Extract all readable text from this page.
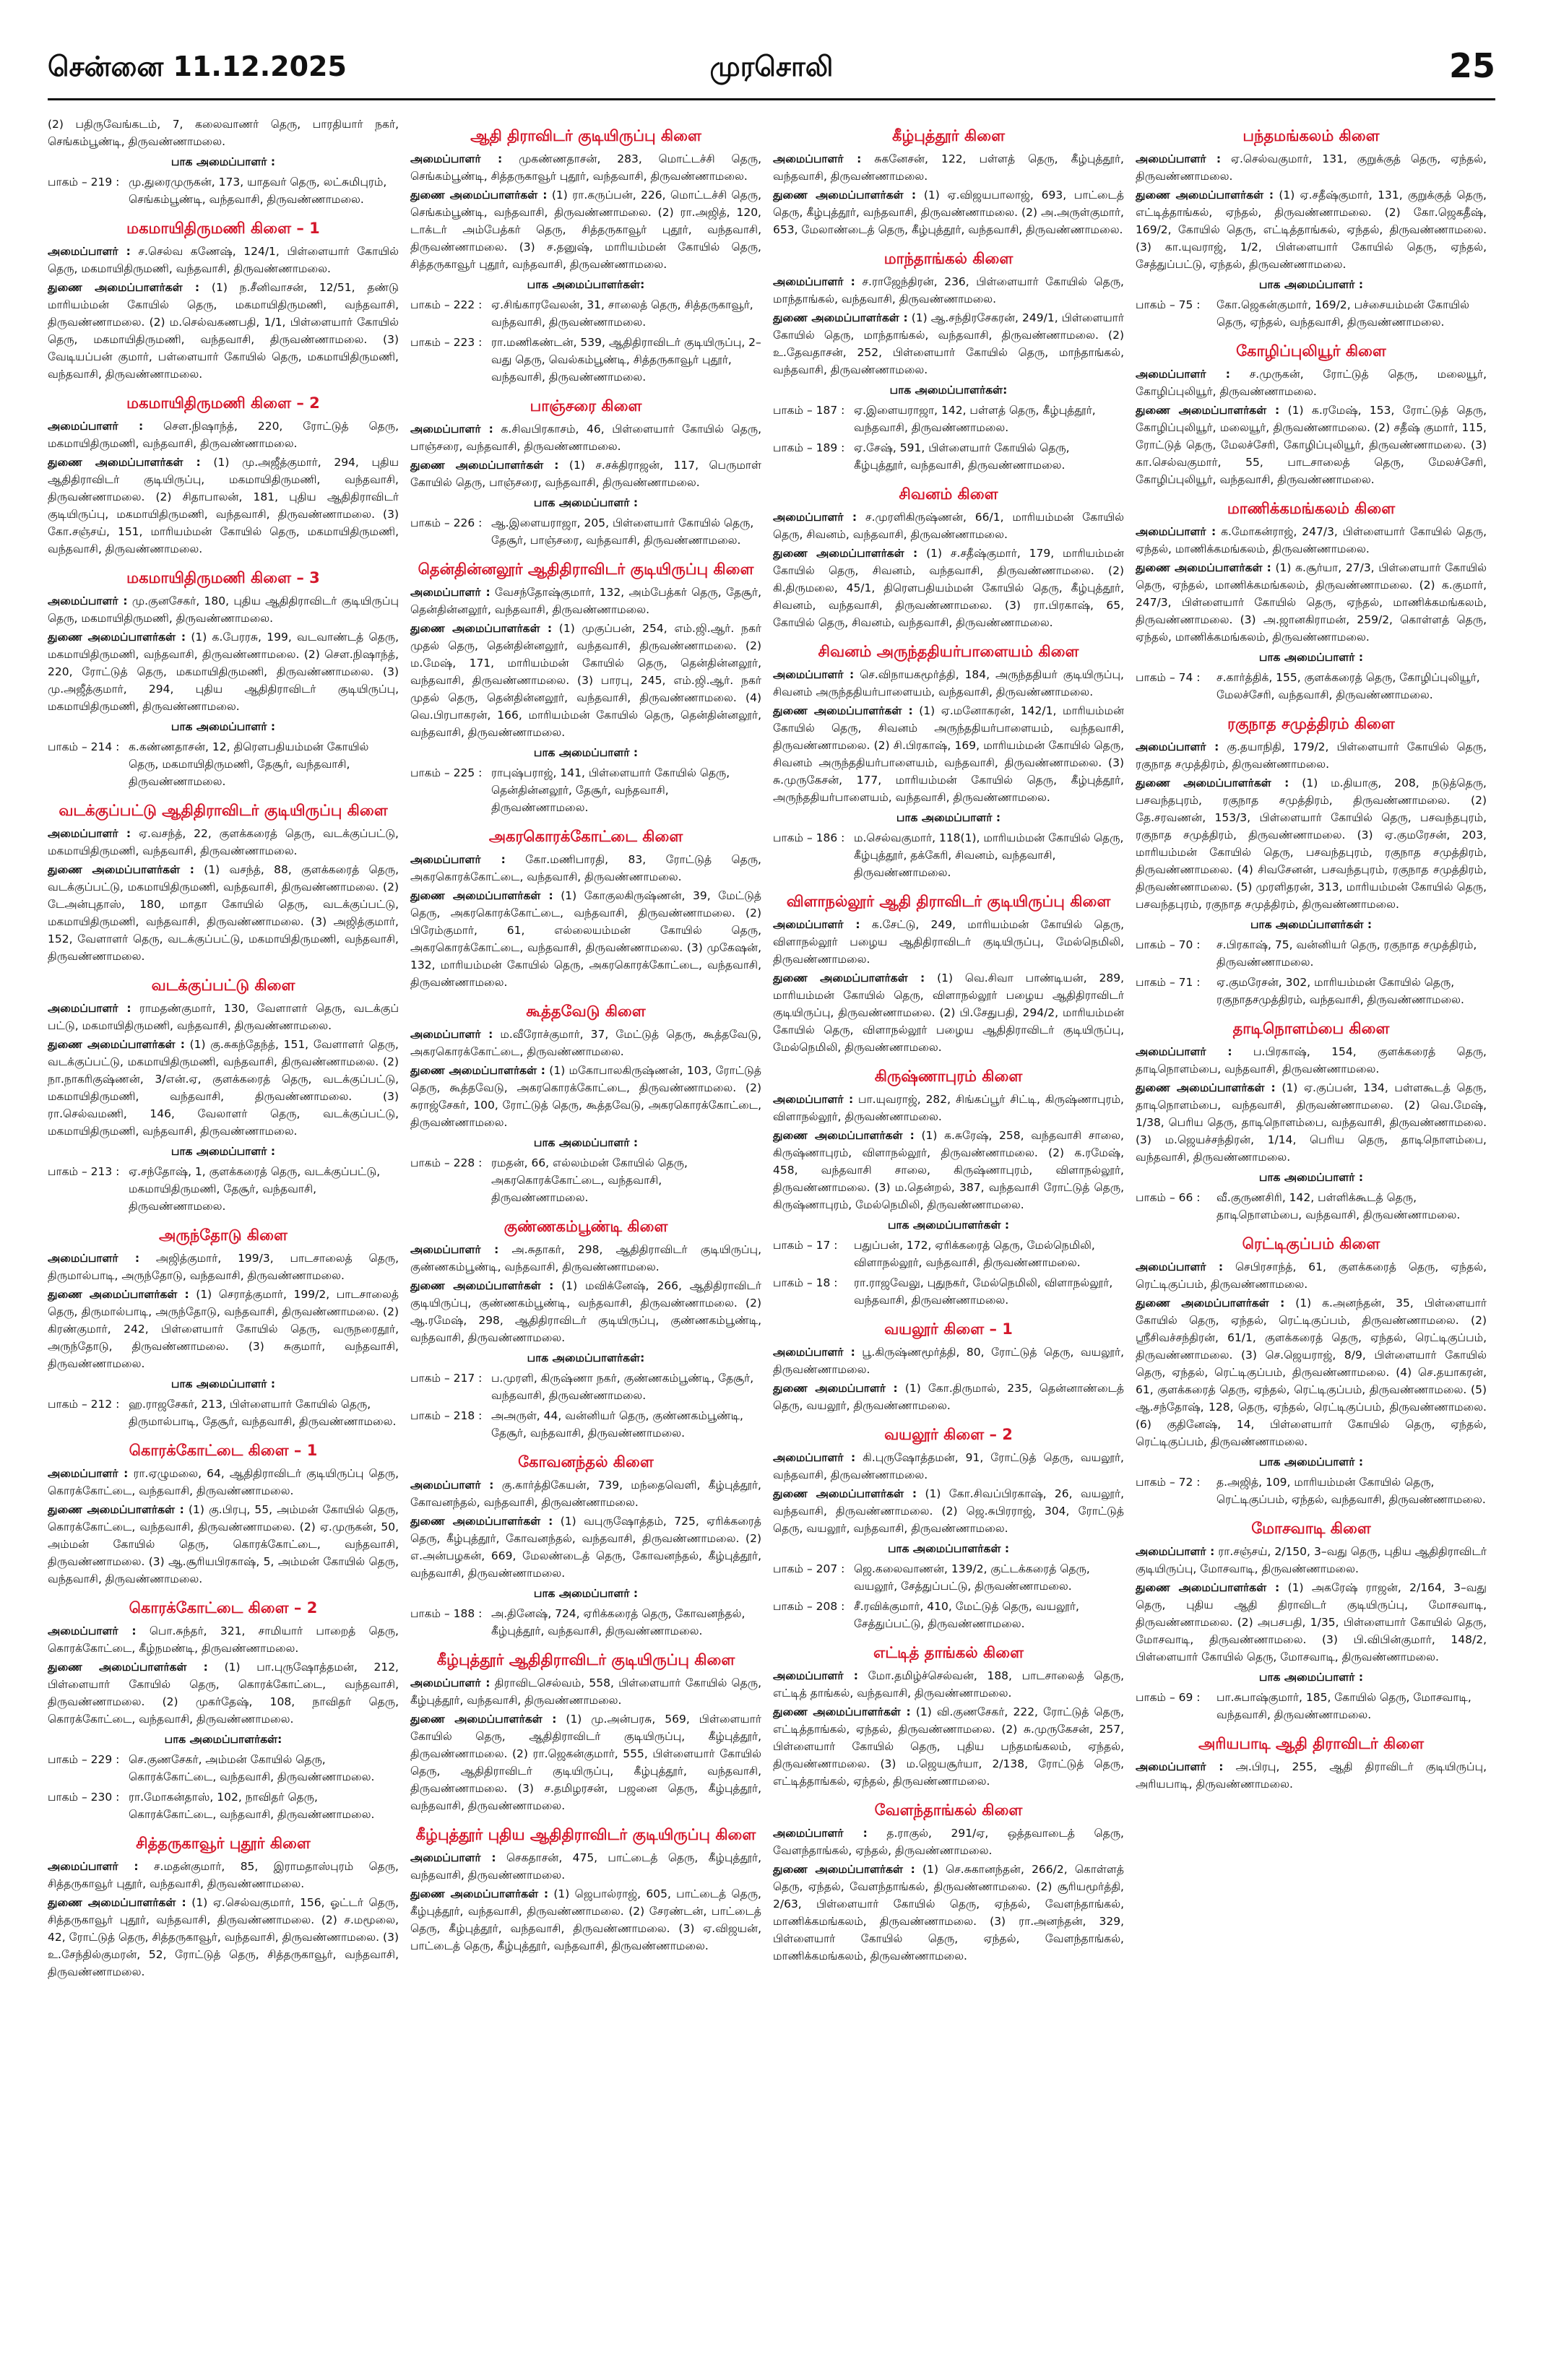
சென்னை 11.12.2025	முரசொலி	25
(2) பதிருவேங்கடம், 7, கலைவாணர் தெரு, பாரதியார் நகர், செங்கம்பூண்டி, திருவண்ணாமலை.
பாக அமைப்பாளர் :
பாகம் – 219 : மு.துரைமுருகன், 173, யாதவர் தெரு, லட்சுமிபுரம், செங்கம்பூண்டி, வந்தவாசி, திருவண்ணாமலை.
மகமாயிதிருமணி கிளை – 1
அமைப்பாளர் : ச.செல்வ கணேஷ், 124/1, பிள்ளையார் கோயில் தெரு, மகமாயிதிருமணி, வந்தவாசி, திருவண்ணாமலை.
துணை அமைப்பாளர்கள் : (1) ந.சீனிவாசன், 12/51, தண்டு மாரியம்மன் கோயில் தெரு, மகமாயிதிருமணி, வந்தவாசி, திருவண்ணாமலை. (2) ம.செல்வகணபதி, 1/1, பிள்ளையார் கோயில் தெரு, மகமாயிதிருமணி, வந்தவாசி, திருவண்ணாமலை. (3) வேடியப்பன் குமார், பள்ளையார் கோயில் தெரு, மகமாயிதிருமணி, வந்தவாசி, திருவண்ணாமலை.
மகமாயிதிருமணி கிளை – 2
அமைப்பாளர் : சௌ.நிஷாந்த், 220, ரோட்டுத் தெரு, மகமாயிதிருமணி, வந்தவாசி, திருவண்ணாமலை.
துணை அமைப்பாளர்கள் : (1) மு.அஜீத்குமார், 294, புதிய ஆதிதிராவிடர் குடியிருப்பு, மகமாயிதிருமணி, வந்தவாசி, திருவண்ணாமலை. (2) சிதாபாலன், 181, புதிய ஆதிதிராவிடர் குடியிருப்பு, மகமாயிதிருமணி, வந்தவாசி, திருவண்ணாமலை. (3) கோ.சஞ்சய், 151, மாரியம்மன் கோயில் தெரு, மகமாயிதிருமணி, வந்தவாசி, திருவண்ணாமலை.
மகமாயிதிருமணி கிளை – 3
அமைப்பாளர் : மு.குனசேகர், 180, புதிய ஆதிதிராவிடர் குடியிருப்பு தெரு, மகமாயிதிருமணி, திருவண்ணாமலை.
துணை அமைப்பாளர்கள் : (1) க.பேரரசு, 199, வடவாண்டத் தெரு, மகமாயிதிருமணி, வந்தவாசி, திருவண்ணாமலை. (2) சௌ.நிஷாந்த், 220, ரோட்டுத் தெரு, மகமாயிதிருமணி, திருவண்ணாமலை. (3) மு.அஜீத்குமார், 294, புதிய ஆதிதிராவிடர் குடியிருப்பு, மகமாயிதிருமணி, திருவண்ணாமலை.
பாக அமைப்பாளர் :
பாகம் – 214 : க.கண்ணதாசன், 12, திரௌபதியம்மன் கோயில் தெரு, மகமாயிதிருமணி, தேசூர், வந்தவாசி, திருவண்ணாமலை.
வடக்குப்பட்டு ஆதிதிராவிடர் குடியிருப்பு கிளை
அமைப்பாளர் : ஏ.வசந்த், 22, குளக்கரைத் தெரு, வடக்குப்பட்டு, மகமாயிதிருமணி, வந்தவாசி, திருவண்ணாமலை.
துணை அமைப்பாளர்கள் : (1) வசந்த், 88, குளக்கரைத் தெரு, வடக்குப்பட்டு, மகமாயிதிருமணி, வந்தவாசி, திருவண்ணாமலை. (2) டேஅன்புதாஸ், 180, மாதா கோயில் தெரு, வடக்குப்பட்டு, மகமாயிதிருமணி, வந்தவாசி, திருவண்ணாமலை. (3) அஜித்குமார், 152, வேளாளர் தெரு, வடக்குப்பட்டு, மகமாயிதிருமணி, வந்தவாசி, திருவண்ணாமலை.
வடக்குப்பட்டு கிளை
அமைப்பாளர் : ராமதண்குமார், 130, வேளாளர் தெரு, வடக்குப் பட்டு, மகமாயிதிருமணி, வந்தவாசி, திருவண்ணாமலை.
துணை அமைப்பாளர்கள் : (1) கு.சுகந்தேந்த், 151, வேளாளர் தெரு, வடக்குப்பட்டு, மகமாயிதிருமணி, வந்தவாசி, திருவண்ணாமலை. (2) நா.நாகரிகுஷ்ணன், 3/என்.ஏ, குளக்கரைத் தெரு, வடக்குப்பட்டு, மகமாயிதிருமணி, வந்தவாசி, திருவண்ணாமலை. (3) ரா.செல்வமணி, 146, வேலாளர் தெரு, வடக்குப்பட்டு, மகமாயிதிருமணி, வந்தவாசி, திருவண்ணாமலை.
பாக அமைப்பாளர் :
பாகம் – 213 : ஏ.சந்தோஷ், 1, குளக்கரைத் தெரு, வடக்குப்பட்டு, மகமாயிதிருமணி, தேசூர், வந்தவாசி, திருவண்ணாமலை.
அருந்தோடு கிளை
அமைப்பாளர் : அஜித்குமார், 199/3, பாடசாலைத் தெரு, திருமால்பாடி, அருந்தோடு, வந்தவாசி, திருவண்ணாமலை.
துணை அமைப்பாளர்கள் : (1) செராத்குமார், 199/2, பாடசாலைத் தெரு, திருமால்பாடி, அருந்தோடு, வந்தவாசி, திருவண்ணாமலை. (2) கிரண்குமார், 242, பிள்ளையார் கோயில் தெரு, வருநரைதூர், அருந்தோடு, திருவண்ணாமலை. (3) சுகுமார், வந்தவாசி, திருவண்ணாமலை.
பாக அமைப்பாளர் :
பாகம் – 212 : ஹ.ராஜசேகர், 213, பிள்ளையார் கோயில் தெரு, திருமால்பாடி, தேசூர், வந்தவாசி, திருவண்ணாமலை.
கொரக்கோட்டை கிளை – 1
அமைப்பாளர் : ரா.ஏழுமலை, 64, ஆதிதிராவிடர் குடியிருப்பு தெரு, கொரக்கோட்டை, வந்தவாசி, திருவண்ணாமலை.
துணை அமைப்பாளர்கள் : (1) கு.பிரபு, 55, அம்மன் கோயில் தெரு, கொரக்கோட்டை, வந்தவாசி, திருவண்ணாமலை. (2) ஏ.முருகன், 50, அம்மன் கோயில் தெரு, கொரக்கோட்டை, வந்தவாசி, திருவண்ணாமலை. (3) ஆ.சூரியபிரகாஷ், 5, அம்மன் கோயில் தெரு, வந்தவாசி, திருவண்ணாமலை.
கொரக்கோட்டை கிளை – 2
அமைப்பாளர் : பொ.சுந்தர், 321, சாமியார் பாறைத் தெரு, கொரக்கோட்டை, கீழ்நமண்டி, திருவண்ணாமலை.
துணை அமைப்பாளர்கள் : (1) பா.புருஷோத்தமன், 212, பிள்ளையார் கோயில் தெரு, கொரக்கோட்டை, வந்தவாசி, திருவண்ணாமலை. (2) முகர்தேஷ், 108, நாவிதர் தெரு, கொரக்கோட்டை, வந்தவாசி, திருவண்ணாமலை.
பாக அமைப்பாளர்கள்:
பாகம் – 229 : செ.குணசேகர், அம்மன் கோயில் தெரு, கொரக்கோட்டை, வந்தவாசி, திருவண்ணாமலை.
பாகம் – 230 : ரா.மோகன்தாஸ், 102, நாவிதர் தெரு, கொரக்கோட்டை, வந்தவாசி, திருவண்ணாமலை.
சித்தருகாவூர் புதூர் கிளை
அமைப்பாளர் : ச.மதன்குமார், 85, இராமதாஸ்புரம் தெரு, சித்தருகாவூர் புதூர், வந்தவாசி, திருவண்ணாமலை.
துணை அமைப்பாளர்கள் : (1) ஏ.செல்வகுமார், 156, ஓட்டர் தெரு, சித்தருகாவூர் புதூர், வந்தவாசி, திருவண்ணாமலை. (2) ச.மமூலை, 42, ரோட்டுத் தெரு, சித்தருகாவூர், வந்தவாசி, திருவண்ணாமலை. (3) உ.சேந்தில்குமரன், 52, ரோட்டுத் தெரு, சித்தருகாவூர், வந்தவாசி, திருவண்ணாமலை.
ஆதி திராவிடர் குடியிருப்பு கிளை
அமைப்பாளர் : முகண்ணதாசன், 283, மொட்டச்சி தெரு, செங்கம்பூண்டி, சித்தருகாவூர் புதூர், வந்தவாசி, திருவண்ணாமலை.
துணை அமைப்பாளர்கள் : (1) ரா.கருப்பன், 226, மொட்டச்சி தெரு, செங்கம்பூண்டி, வந்தவாசி, திருவண்ணாமலை. (2) ரா.அஜித், 120, டாக்டர் அம்பேத்கர் தெரு, சித்தருகாவூர் புதூர், வந்தவாசி, திருவண்ணாமலை. (3) ச.தனுஷ், மாரியம்மன் கோயில் தெரு, சித்தருகாவூர் புதூர், வந்தவாசி, திருவண்ணாமலை.
பாக அமைப்பாளர்கள்:
பாகம் – 222 : ஏ.சிங்காரவேலன், 31, சாலைத் தெரு, சித்தருகாவூர், வந்தவாசி, திருவண்ணாமலை.
பாகம் – 223 : ரா.மணிகண்டன், 539, ஆதிதிராவிடர் குடியிருப்பு, 2–வது தெரு, வெல்கம்பூண்டி, சித்தருகாவூர் புதூர், வந்தவாசி, திருவண்ணாமலை.
பாஞ்சரை கிளை
அமைப்பாளர் : க.சிவபிரகாசம், 46, பிள்ளையார் கோயில் தெரு, பாஞ்சரை, வந்தவாசி, திருவண்ணாமலை.
துணை அமைப்பாளர்கள் : (1) ச.சக்திராஜன், 117, பெருமாள் கோயில் தெரு, பாஞ்சரை, வந்தவாசி, திருவண்ணாமலை.
பாக அமைப்பாளர் :
பாகம் – 226 : ஆ.இளையராஜா, 205, பிள்ளையார் கோயில் தெரு, தேசூர், பாஞ்சரை, வந்தவாசி, திருவண்ணாமலை.
தென்தின்னலூர் ஆதிதிராவிடர் குடியிருப்பு கிளை
அமைப்பாளர் : வேசந்தோஷ்குமார், 132, அம்பேத்கர் தெரு, தேசூர், தென்தின்னலூர், வந்தவாசி, திருவண்ணாமலை.
துணை அமைப்பாளர்கள் : (1) முகுப்பன், 254, எம்.ஜி.ஆர். நகர் முதல் தெரு, தென்தின்னலூர், வந்தவாசி, திருவண்ணாமலை. (2) ம.மேஷ், 171, மாரியம்மன் கோயில் தெரு, தென்தின்னலூர், வந்தவாசி, திருவண்ணாமலை. (3) பாரபு, 245, எம்.ஜி.ஆர். நகர் முதல் தெரு, தென்தின்னலூர், வந்தவாசி, திருவண்ணாமலை. (4) வெ.பிரபாகரன், 166, மாரியம்மன் கோயில் தெரு, தென்தின்னலூர், வந்தவாசி, திருவண்ணாமலை.
பாக அமைப்பாளர் :
பாகம் – 225 : ராபுஷ்பராஜ், 141, பிள்ளையார் கோயில் தெரு, தென்தின்னலூர், தேசூர், வந்தவாசி, திருவண்ணாமலை.
அகரகொரக்கோட்டை கிளை
அமைப்பாளர் : கோ.மணிபாரதி, 83, ரோட்டுத் தெரு, அகரகொரக்கோட்டை, வந்தவாசி, திருவண்ணாமலை.
துணை அமைப்பாளர்கள் : (1) கோகுலகிருஷ்ணன், 39, மேட்டுத் தெரு, அகரகொரக்கோட்டை, வந்தவாசி, திருவண்ணாமலை. (2) பிரேம்குமார், 61, எல்லையம்மன் கோயில் தெரு, அகரகொரக்கோட்டை, வந்தவாசி, திருவண்ணாமலை. (3) முகேஷன், 132, மாரியம்மன் கோயில் தெரு, அகரகொரக்கோட்டை, வந்தவாசி, திருவண்ணாமலை.
கூத்தவேடு கிளை
அமைப்பாளர் : ம.வீரோச்குமார், 37, மேட்டுத் தெரு, கூத்தவேடு, அகரகொரக்கோட்டை, திருவண்ணாமலை.
துணை அமைப்பாளர்கள் : (1) மகோபாலகிருஷ்ணன், 103, ரோட்டுத் தெரு, கூத்தவேடு, அகரகொரக்கோட்டை, திருவண்ணாமலை. (2) சுராஜ்சேகர், 100, ரோட்டுத் தெரு, கூத்தவேடு, அகரகொரக்கோட்டை, திருவண்ணாமலை.
பாக அமைப்பாளர் :
பாகம் – 228 : ரமதன், 66, எல்லம்மன் கோயில் தெரு, அகரகொரக்கோட்டை, வந்தவாசி, திருவண்ணாமலை.
குண்ணகம்பூண்டி கிளை
அமைப்பாளர் : அ.சுதாகர், 298, ஆதிதிராவிடர் குடியிருப்பு, குண்ணகம்பூண்டி, வந்தவாசி, திருவண்ணாமலை.
துணை அமைப்பாளர்கள் : (1) மவிக்னேஷ், 266, ஆதிதிராவிடர் குடியிருப்பு, குண்ணகம்பூண்டி, வந்தவாசி, திருவண்ணாமலை. (2) ஆ.ரமேஷ், 298, ஆதிதிராவிடர் குடியிருப்பு, குண்ணகம்பூண்டி, வந்தவாசி, திருவண்ணாமலை.
பாக அமைப்பாளர்கள்:
பாகம் – 217 : ப.முரளி, கிருஷ்ணா நகர், குண்ணகம்பூண்டி, தேசூர், வந்தவாசி, திருவண்ணாமலை.
பாகம் – 218 : அஅருள், 44, வன்னியர் தெரு, குண்ணகம்பூண்டி, தேசூர், வந்தவாசி, திருவண்ணாமலை.
கோவனந்தல் கிளை
அமைப்பாளர் : கு.கார்த்திகேயன், 739, மந்தைவெளி, கீழ்புத்தூர், கோவனந்தல், வந்தவாசி, திருவண்ணாமலை.
துணை அமைப்பாளர்கள் : (1) வபுருஷோத்தம், 725, ஏரிக்கரைத் தெரு, கீழ்புத்தூர், கோவனந்தல், வந்தவாசி, திருவண்ணாமலை. (2) எ.அன்பழகன், 669, மேலண்டைத் தெரு, கோவனந்தல், கீழ்புத்தூர், வந்தவாசி, திருவண்ணாமலை.
பாக அமைப்பாளர் :
பாகம் – 188 : அ.தினேஷ், 724, ஏரிக்கரைத் தெரு, கோவனந்தல், கீழ்புத்தூர், வந்தவாசி, திருவண்ணாமலை.
கீழ்புத்தூர் ஆதிதிராவிடர் குடியிருப்பு கிளை
அமைப்பாளர் : திராவிடசெல்வம், 558, பிள்ளையார் கோயில் தெரு, கீழ்புத்தூர், வந்தவாசி, திருவண்ணாமலை.
துணை அமைப்பாளர்கள் : (1) மு.அன்பரசு, 569, பிள்ளையார் கோயில் தெரு, ஆதிதிராவிடர் குடியிருப்பு, கீழ்புத்தூர், திருவண்ணாமலை. (2) ரா.ஜெகன்குமார், 555, பிள்ளையார் கோயில் தெரு, ஆதிதிராவிடர் குடியிருப்பு, கீழ்புத்தூர், வந்தவாசி, திருவண்ணாமலை. (3) ச.தமிழரசன், பஜனை தெரு, கீழ்புத்தூர், வந்தவாசி, திருவண்ணாமலை.
கீழ்புத்தூர் புதிய ஆதிதிராவிடர் குடியிருப்பு கிளை
அமைப்பாளர் : செகதாசன், 475, பாட்டைத் தெரு, கீழ்புத்தூர், வந்தவாசி, திருவண்ணாமலை.
துணை அமைப்பாளர்கள் : (1) ஜெபால்ராஜ், 605, பாட்டைத் தெரு, கீழ்புத்தூர், வந்தவாசி, திருவண்ணாமலை. (2) சேரண்டன், பாட்டைத் தெரு, கீழ்புத்தூர், வந்தவாசி, திருவண்ணாமலை. (3) ஏ.விஜயன், பாட்டைத் தெரு, கீழ்புத்தூர், வந்தவாசி, திருவண்ணாமலை.
கீழ்புத்தூர் கிளை
அமைப்பாளர் : சுகனேசன், 122, பள்ளத் தெரு, கீழ்புத்தூர், வந்தவாசி, திருவண்ணாமலை.
துணை அமைப்பாளர்கள் : (1) ஏ.விஜயபாலாஜ், 693, பாட்டைத் தெரு, கீழ்புத்தூர், வந்தவாசி, திருவண்ணாமலை. (2) அ.அருள்குமார், 653, மேலாண்டைத் தெரு, கீழ்புத்தூர், வந்தவாசி, திருவண்ணாமலை.
மாந்தாங்கல் கிளை
அமைப்பாளர் : ச.ராஜேந்திரன், 236, பிள்ளையார் கோயில் தெரு, மாந்தாங்கல், வந்தவாசி, திருவண்ணாமலை.
துணை அமைப்பாளர்கள் : (1) ஆ.சந்திரசேகரன், 249/1, பிள்ளையார் கோயில் தெரு, மாந்தாங்கல், வந்தவாசி, திருவண்ணாமலை. (2) உ.தேவதாசன், 252, பிள்ளையார் கோயில் தெரு, மாந்தாங்கல், வந்தவாசி, திருவண்ணாமலை.
பாக அமைப்பாளர்கள்:
பாகம் – 187 : ஏ.இளையராஜா, 142, பள்ளத் தெரு, கீழ்புத்தூர், வந்தவாசி, திருவண்ணாமலை.
பாகம் – 189 : ஏ.சேஷ், 591, பிள்ளையார் கோயில் தெரு, கீழ்புத்தூர், வந்தவாசி, திருவண்ணாமலை.
சிவனம் கிளை
அமைப்பாளர் : ச.முரளிகிருஷ்ணன், 66/1, மாரியம்மன் கோயில் தெரு, சிவனம், வந்தவாசி, திருவண்ணாமலை.
துணை அமைப்பாளர்கள் : (1) ச.சதீஷ்குமார், 179, மாரியம்மன் கோயில் தெரு, சிவனம், வந்தவாசி, திருவண்ணாமலை. (2) கி.திருமலை, 45/1, திரௌபதியம்மன் கோயில் தெரு, கீழ்புத்தூர், சிவனம், வந்தவாசி, திருவண்ணாமலை. (3) ரா.பிரகாஷ், 65, கோயில் தெரு, சிவனம், வந்தவாசி, திருவண்ணாமலை.
சிவனம் அருந்ததியர்பாளையம் கிளை
அமைப்பாளர் : செ.விநாயகமூர்த்தி, 184, அருந்ததியர் குடியிருப்பு, சிவனம் அருந்ததியர்பாளையம், வந்தவாசி, திருவண்ணாமலை.
துணை அமைப்பாளர்கள் : (1) ஏ.மனோகரன், 142/1, மாரியம்மன் கோயில் தெரு, சிவனம் அருந்ததியர்பாளையம், வந்தவாசி, திருவண்ணாமலை. (2) சி.பிரகாஷ், 169, மாரியம்மன் கோயில் தெரு, சிவனம் அருந்ததியர்பாளையம், வந்தவாசி, திருவண்ணாமலை. (3) சு.முருகேசன், 177, மாரியம்மன் கோயில் தெரு, கீழ்புத்தூர், அருந்ததியர்பாளையம், வந்தவாசி, திருவண்ணாமலை.
பாக அமைப்பாளர் :
பாகம் – 186 : ம.செல்வகுமார், 118(1), மாரியம்மன் கோயில் தெரு, கீழ்புத்தூர், தக்கேரி, சிவனம், வந்தவாசி, திருவண்ணாமலை.
விளாநல்லூர் ஆதி திராவிடர் குடியிருப்பு கிளை
அமைப்பாளர் : க.சேட்டு, 249, மாரியம்மன் கோயில் தெரு, விளாநல்லூர் பழைய ஆதிதிராவிடர் குடியிருப்பு, மேல்நெமிலி, திருவண்ணாமலை.
துணை அமைப்பாளர்கள் : (1) வெ.சிவா பாண்டியன், 289, மாரியம்மன் கோயில் தெரு, விளாநல்லூர் பழைய ஆதிதிராவிடர் குடியிருப்பு, திருவண்ணாமலை. (2) பி.சேதுபதி, 294/2, மாரியம்மன் கோயில் தெரு, விளாநல்லூர் பழைய ஆதிதிராவிடர் குடியிருப்பு, மேல்நெமிலி, திருவண்ணாமலை.
கிருஷ்ணாபுரம் கிளை
அமைப்பாளர் : பா.யுவராஜ், 282, சிங்கப்பூர் சிட்டி, கிருஷ்ணாபுரம், விளாநல்லூர், திருவண்ணாமலை.
துணை அமைப்பாளர்கள் : (1) க.சுரேஷ், 258, வந்தவாசி சாலை, கிருஷ்ணாபுரம், விளாநல்லூர், திருவண்ணாமலை. (2) க.ரமேஷ், 458, வந்தவாசி சாலை, கிருஷ்ணாபுரம், விளாநல்லூர், திருவண்ணாமலை. (3) ம.தென்றல், 387, வந்தவாசி ரோட்டுத் தெரு, கிருஷ்ணாபுரம், மேல்நெமிலி, திருவண்ணாமலை.
பாக அமைப்பாளர்கள் :
பாகம் – 17 :	பதுப்பன், 172, ஏரிக்கரைத் தெரு, மேல்நெமிலி, விளாநல்லூர், வந்தவாசி, திருவண்ணாமலை.
பாகம் – 18 :	ரா.ராஜவேலு, புதுநகர், மேல்நெமிலி, விளாநல்லூர், வந்தவாசி, திருவண்ணாமலை.
வயலூர் கிளை – 1
அமைப்பாளர் : பூ.கிருஷ்ணமூர்த்தி, 80, ரோட்டுத் தெரு, வயலூர், திருவண்ணாமலை.
துணை அமைப்பாளர் : (1) கோ.திருமால், 235, தென்னாண்டைத் தெரு, வயலூர், திருவண்ணாமலை.
வயலூர் கிளை – 2
அமைப்பாளர் : கி.புருஷோத்தமன், 91, ரோட்டுத் தெரு, வயலூர், வந்தவாசி, திருவண்ணாமலை.
துணை அமைப்பாளர்கள் : (1) கோ.சிவப்பிரகாஷ், 26, வயலூர், வந்தவாசி, திருவண்ணாமலை. (2) ஜெ.சுபிரராஜ், 304, ரோட்டுத் தெரு, வயலூர், வந்தவாசி, திருவண்ணாமலை.
பாக அமைப்பாளர்கள் :
பாகம் – 207 : ஜெ.கலைவாணன், 139/2, குட்டக்கரைத் தெரு, வயலூர், சேத்துப்பட்டு, திருவண்ணாமலை.
பாகம் – 208 : சீ.ரவிக்குமார், 410, மேட்டுத் தெரு, வயலூர், சேத்துப்பட்டு, திருவண்ணாமலை.
எட்டித் தாங்கல் கிளை
அமைப்பாளர் : மோ.தமிழ்ச்செல்வன், 188, பாடசாலைத் தெரு, எட்டித் தாங்கல், வந்தவாசி, திருவண்ணாமலை.
துணை அமைப்பாளர்கள் : (1) வி.குணசேகர், 222, ரோட்டுத் தெரு, எட்டித்தாங்கல், ஏந்தல், திருவண்ணாமலை. (2) சு.முருகேசன், 257, பிள்ளையார் கோயில் தெரு, புதிய பந்தமங்கலம், ஏந்தல், திருவண்ணாமலை. (3) ம.ஜெயசூர்யா, 2/138, ரோட்டுத் தெரு, எட்டித்தாங்கல், ஏந்தல், திருவண்ணாமலை.
வேளந்தாங்கல் கிளை
அமைப்பாளர் : த.ராகுல், 291/ஏ, ஒத்தவாடைத் தெரு, வேளந்தாங்கல், ஏந்தல், திருவண்ணாமலை.
துணை அமைப்பாளர்கள் : (1) செ.சுகானந்தன், 266/2, கொள்ளத் தெரு, ஏந்தல், வேளந்தாங்கல், திருவண்ணாமலை. (2) சூரியமூர்த்தி, 2/63, பிள்ளையார் கோயில் தெரு, ஏந்தல், வேளந்தாங்கல், மாணிக்கமங்கலம், திருவண்ணாமலை. (3) ரா.அனந்தன், 329, பிள்ளையார் கோயில் தெரு, ஏந்தல், வேளந்தாங்கல், மாணிக்கமங்கலம், திருவண்ணாமலை.
பந்தமங்கலம் கிளை
அமைப்பாளர் : ஏ.செல்வகுமார், 131, குறுக்குத் தெரு, ஏந்தல், திருவண்ணாமலை.
துணை அமைப்பாளர்கள் : (1) ஏ.சதீஷ்குமார், 131, குறுக்குத் தெரு, எட்டித்தாங்கல், ஏந்தல், திருவண்ணாமலை. (2) கோ.ஜெகதீஷ், 169/2, கோயில் தெரு, எட்டித்தாங்கல், ஏந்தல், திருவண்ணாமலை. (3) கா.யுவராஜ், 1/2, பிள்ளையார் கோயில் தெரு, ஏந்தல், சேத்துப்பட்டு, ஏந்தல், திருவண்ணாமலை.
பாக அமைப்பாளர் :
பாகம் – 75 :	கோ.ஜெகன்குமார், 169/2, பச்சையம்மன் கோயில் தெரு, ஏந்தல், வந்தவாசி, திருவண்ணாமலை.
கோழிப்புலியூர் கிளை
அமைப்பாளர் : ச.முருகன், ரோட்டுத் தெரு, மலையூர், கோழிப்புலியூர், திருவண்ணாமலை.
துணை அமைப்பாளர்கள் : (1) க.ரமேஷ், 153, ரோட்டுத் தெரு, கோழிப்புலியூர், மலையூர், திருவண்ணாமலை. (2) சதீஷ் குமார், 115, ரோட்டுத் தெரு, மேலச்சேரி, கோழிப்புலியூர், திருவண்ணாமலை. (3) கா.செல்வகுமார், 55, பாடசாலைத் தெரு, மேலச்சேரி, கோழிப்புலியூர், வந்தவாசி, திருவண்ணாமலை.
மாணிக்கமங்கலம் கிளை
அமைப்பாளர் : க.மோகன்ராஜ், 247/3, பிள்ளையார் கோயில் தெரு, ஏந்தல், மாணிக்கமங்கலம், திருவண்ணாமலை.
துணை அமைப்பாளர்கள் : (1) க.சூர்யா, 27/3, பிள்ளையார் கோயில் தெரு, ஏந்தல், மாணிக்கமங்கலம், திருவண்ணாமலை. (2) க.குமார், 247/3, பிள்ளையார் கோயில் தெரு, ஏந்தல், மாணிக்கமங்கலம், திருவண்ணாமலை. (3) அ.ஜானகிராமன், 259/2, கொள்ளத் தெரு, ஏந்தல், மாணிக்கமங்கலம், திருவண்ணாமலை.
பாக அமைப்பாளர் :
பாகம் – 74 :	ச.கார்த்திக், 155, குளக்கரைத் தெரு, கோழிப்புலியூர், மேலச்சேரி, வந்தவாசி, திருவண்ணாமலை.
ரகுநாத சமுத்திரம் கிளை
அமைப்பாளர் : கு.தயாநிதி, 179/2, பிள்ளையார் கோயில் தெரு, ரகுநாத சமுத்திரம், திருவண்ணாமலை.
துணை அமைப்பாளர்கள் : (1) ம.தியாகு, 208, நடுத்தெரு, பசவந்தபுரம், ரகுநாத சமுத்திரம், திருவண்ணாமலை. (2) தே.சரவணன், 153/3, பிள்ளையார் கோயில் தெரு, பசவந்தபுரம், ரகுநாத சமுத்திரம், திருவண்ணாமலை. (3) ஏ.குமரேசன், 203, மாரியம்மன் கோயில் தெரு, பசவந்தபுரம், ரகுநாத சமுத்திரம், திருவண்ணாமலை. (4) சிவசேனன், பசவந்தபுரம், ரகுநாத சமுத்திரம், திருவண்ணாமலை. (5) முரளிதரன், 313, மாரியம்மன் கோயில் தெரு, பசவந்தபுரம், ரகுநாத சமுத்திரம், திருவண்ணாமலை.
பாக அமைப்பாளர்கள் :
பாகம் – 70 :	ச.பிரகாஷ், 75, வன்னியர் தெரு, ரகுநாத சமுத்திரம், திருவண்ணாமலை.
பாகம் – 71 :	ஏ.குமரேசன், 302, மாரியம்மன் கோயில் தெரு, ரகுநாதசமுத்திரம், வந்தவாசி, திருவண்ணாமலை.
தாடிநொளம்பை கிளை
அமைப்பாளர் : ப.பிரகாஷ், 154, குளக்கரைத் தெரு, தாடிநொளம்பை, வந்தவாசி, திருவண்ணாமலை.
துணை அமைப்பாளர்கள் : (1) ஏ.குப்பன், 134, பள்ளகூடத் தெரு, தாடிநொளம்பை, வந்தவாசி, திருவண்ணாமலை. (2) வெ.மேஷ், 1/38, பெரிய தெரு, தாடிநொளம்பை, வந்தவாசி, திருவண்ணாமலை. (3) ம.ஜெயச்சந்திரன், 1/14, பெரிய தெரு, தாடிநொளம்பை, வந்தவாசி, திருவண்ணாமலை.
பாக அமைப்பாளர் :
பாகம் – 66 :	வீ.குருணசிரி, 142, பள்ளிக்கூடத் தெரு, தாடிநொளம்பை, வந்தவாசி, திருவண்ணாமலை.
ரெட்டிகுப்பம் கிளை
அமைப்பாளர் : செபிரசாந்த், 61, குளக்கரைத் தெரு, ஏந்தல், ரெட்டிகுப்பம், திருவண்ணாமலை.
துணை அமைப்பாளர்கள் : (1) க.அனந்தன், 35, பிள்ளையார் கோயில் தெரு, ஏந்தல், ரெட்டிகுப்பம், திருவண்ணாமலை. (2) ஸ்ரீசிவச்சந்திரன், 61/1, குளக்கரைத் தெரு, ஏந்தல், ரெட்டிகுப்பம், திருவண்ணாமலை. (3) செ.ஜெயராஜ், 8/9, பிள்ளையார் கோயில் தெரு, ஏந்தல், ரெட்டிகுப்பம், திருவண்ணாமலை. (4) செ.தயாகரன், 61, குளக்கரைத் தெரு, ஏந்தல், ரெட்டிகுப்பம், திருவண்ணாமலை. (5) ஆ.சந்தோஷ், 128, தெரு, ஏந்தல், ரெட்டிகுப்பம், திருவண்ணாமலை. (6) குதினேஷ், 14, பிள்ளையார் கோயில் தெரு, ஏந்தல், ரெட்டிகுப்பம், திருவண்ணாமலை.
பாக அமைப்பாளர் :
பாகம் – 72 :	த.அஜித், 109, மாரியம்மன் கோயில் தெரு, ரெட்டிகுப்பம், ஏந்தல், வந்தவாசி, திருவண்ணாமலை.
மோசவாடி கிளை
அமைப்பாளர் : ரா.சஞ்சய், 2/150, 3–வது தெரு, புதிய ஆதிதிராவிடர் குடியிருப்பு, மோசவாடி, திருவண்ணாமலை.
துணை அமைப்பாளர்கள் : (1) அகரேஷ் ராஜன், 2/164, 3–வது தெரு, புதிய ஆதி திராவிடர் குடியிருப்பு, மோசவாடி, திருவண்ணாமலை. (2) அபசபதி, 1/35, பிள்ளையார் கோயில் தெரு, மோசவாடி, திருவண்ணாமலை. (3) பி.விபின்குமார், 148/2, பிள்ளையார் கோயில் தெரு, மோசவாடி, திருவண்ணாமலை.
பாக அமைப்பாளர் :
பாகம் – 69 :	பா.சுபாஷ்குமார், 185, கோயில் தெரு, மோசவாடி, வந்தவாசி, திருவண்ணாமலை.
அரியபாடி ஆதி திராவிடர் கிளை
அமைப்பாளர் : அ.பிரபு, 255, ஆதி திராவிடர் குடியிருப்பு, அரியபாடி, திருவண்ணாமலை.
